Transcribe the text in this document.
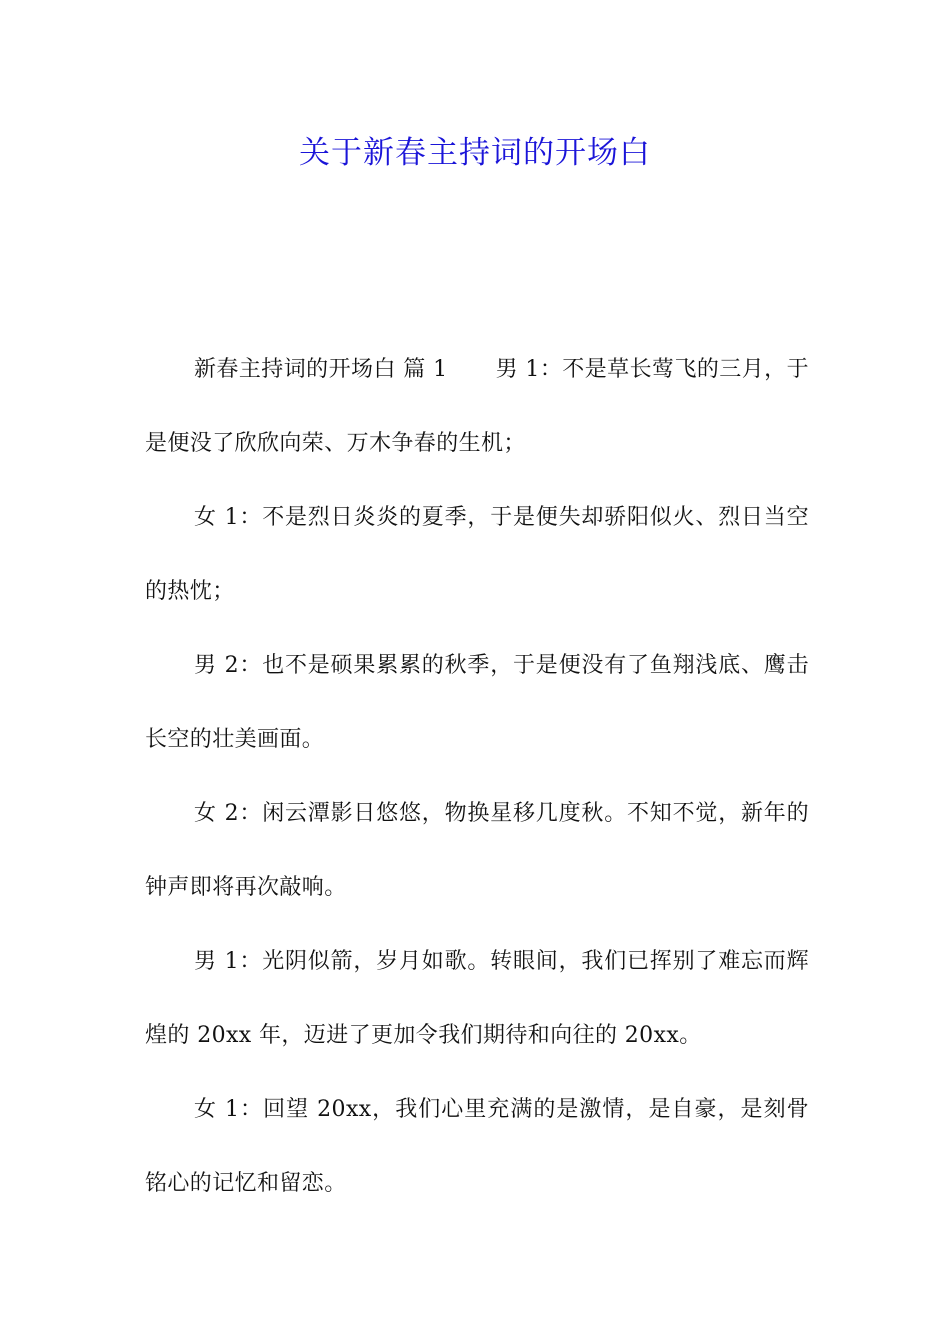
关于新春主持词的开场白

新春主持词的开场白 篇 1 男 1：不是草长莺飞的三月，于是便没了欣欣向荣、万木争春的生机；

女 1：不是烈日炎炎的夏季，于是便失却骄阳似火、烈日当空的热忱；

男 2：也不是硕果累累的秋季，于是便没有了鱼翔浅底、鹰击长空的壮美画面。

女 2：闲云潭影日悠悠，物换星移几度秋。不知不觉，新年的钟声即将再次敲响。

男 1：光阴似箭，岁月如歌。转眼间，我们已挥别了难忘而辉煌的 20xx 年，迈进了更加令我们期待和向往的 20xx。

女 1：回望 20xx，我们心里充满的是激情，是自豪，是刻骨铭心的记忆和留恋。
